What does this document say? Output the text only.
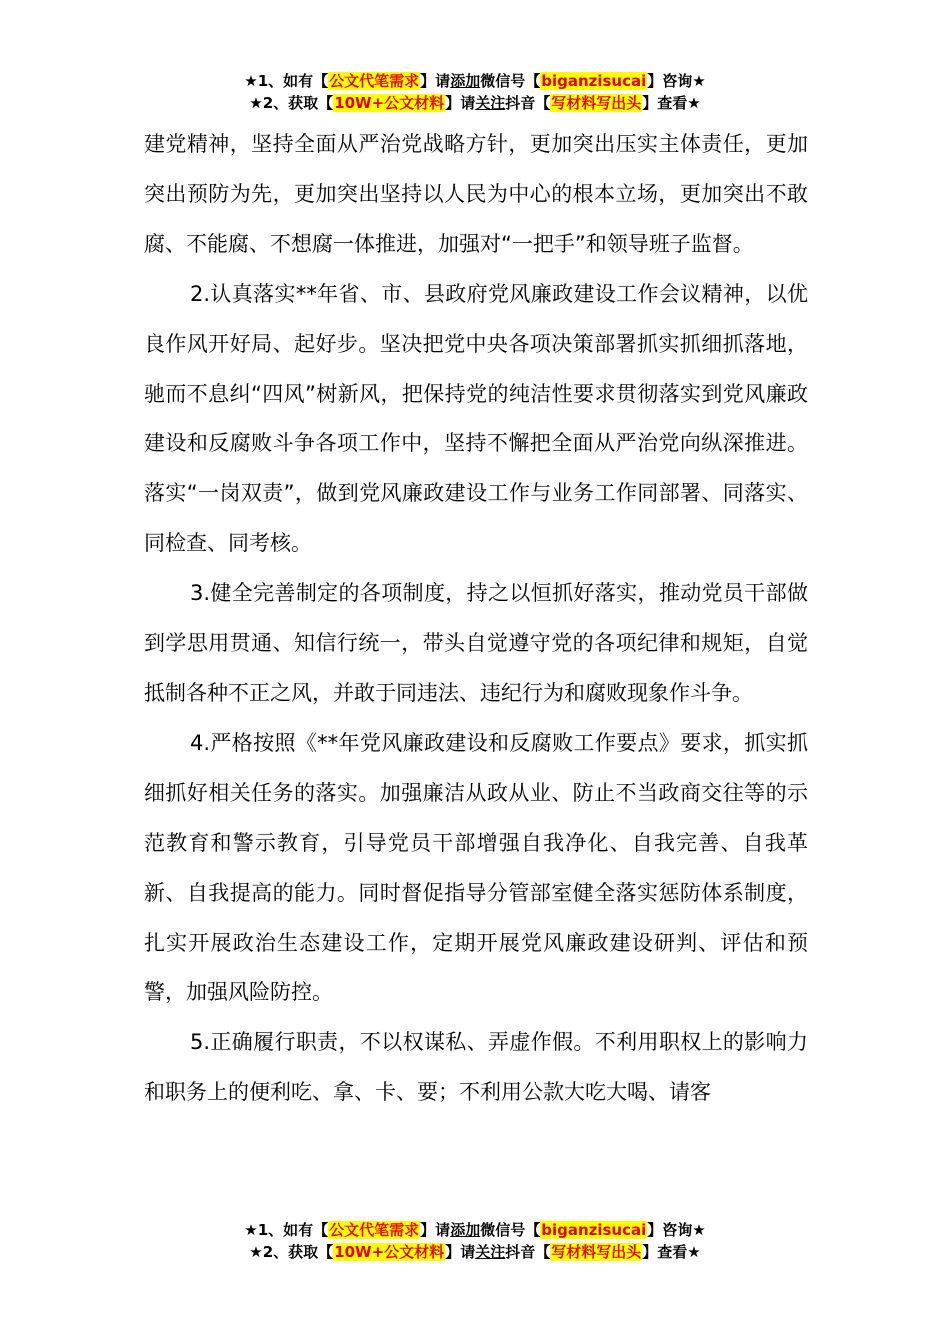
★1、如有【公文代笔需求】请添加微信号【biganzisucai】咨询★
★2、获取【10W+公文材料】请关注抖音【写材料写出头】查看★

建党精神，坚持全面从严治党战略方针，更加突出压实主体责任，更加突出预防为先，更加突出坚持以人民为中心的根本立场，更加突出不敢腐、不能腐、不想腐一体推进，加强对“一把手”和领导班子监督。

2.认真落实**年省、市、县政府党风廉政建设工作会议精神，以优良作风开好局、起好步。坚决把党中央各项决策部署抓实抓细抓落地，驰而不息纠“四风”树新风，把保持党的纯洁性要求贯彻落实到党风廉政建设和反腐败斗争各项工作中，坚持不懈把全面从严治党向纵深推进。落实“一岗双责”，做到党风廉政建设工作与业务工作同部署、同落实、同检查、同考核。

3.健全完善制定的各项制度，持之以恒抓好落实，推动党员干部做到学思用贯通、知信行统一，带头自觉遵守党的各项纪律和规矩，自觉抵制各种不正之风，并敢于同违法、违纪行为和腐败现象作斗争。

4.严格按照《**年党风廉政建设和反腐败工作要点》要求，抓实抓细抓好相关任务的落实。加强廉洁从政从业、防止不当政商交往等的示范教育和警示教育，引导党员干部增强自我净化、自我完善、自我革新、自我提高的能力。同时督促指导分管部室健全落实惩防体系制度，扎实开展政治生态建设工作，定期开展党风廉政建设研判、评估和预警，加强风险防控。

5.正确履行职责，不以权谋私、弄虚作假。不利用职权上的影响力和职务上的便利吃、拿、卡、要；不利用公款大吃大喝、请客

★1、如有【公文代笔需求】请添加微信号【biganzisucai】咨询★
★2、获取【10W+公文材料】请关注抖音【写材料写出头】查看★
